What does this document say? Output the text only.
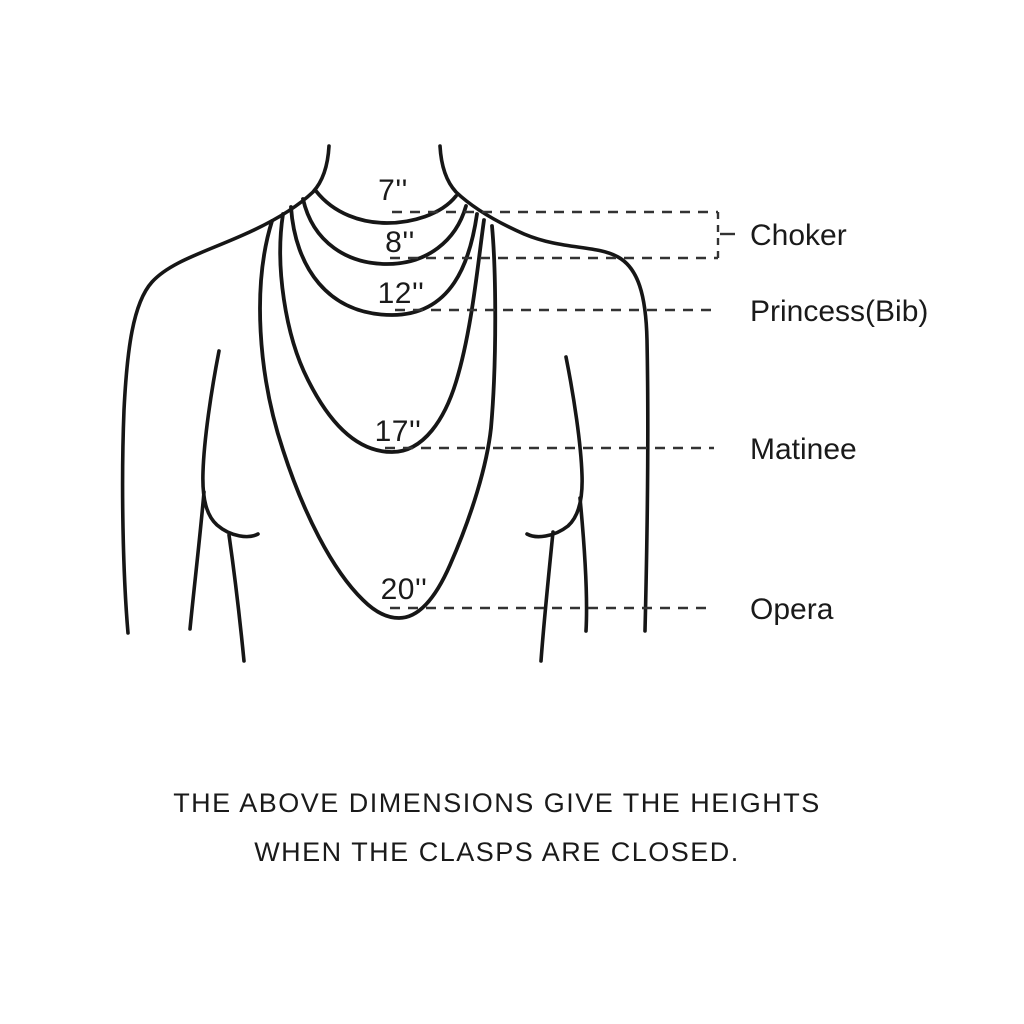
7''
8''
12''
17''
20''
Choker
Princess(Bib)
Matinee
Opera
THE ABOVE DIMENSIONS GIVE THE HEIGHTS
WHEN THE CLASPS ARE CLOSED.
